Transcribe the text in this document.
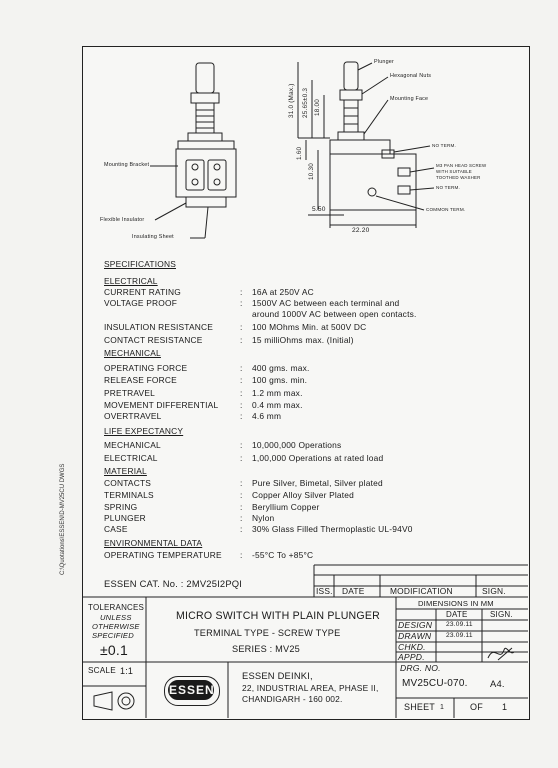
C:\Quotations\ESSEN\D-MV25CU DWGS
Plunger
Hexagonal Nuts
Mounting Face
Mounting Bracket
Flexible Insulator
Insulating Sheet
NO TERM.
M3 PAN HEAD SCREW
WITH SUITABLE
TOOTHED WASHER
NO TERM.
COMMON TERM.
31.0 (Max.) 25.65±0.3 18.00
1.60
10.30
5.50
22.20
SPECIFICATIONS
ELECTRICAL
CURRENT RATING	: 16A at 250V AC
VOLTAGE PROOF	: 1500V AC between each terminal and
around 1000V AC between open contacts.
INSULATION RESISTANCE	: 100 MOhms Min. at 500V DC
CONTACT RESISTANCE	: 15 milliOhms max. (Initial)
MECHANICAL
OPERATING FORCE	: 400 gms. max.
RELEASE FORCE	: 100 gms. min.
PRETRAVEL	: 1.2 mm max.
MOVEMENT DIFFERENTIAL	: 0.4 mm max.
OVERTRAVEL	: 4.6 mm
LIFE EXPECTANCY
MECHANICAL	: 10,000,000 Operations
ELECTRICAL	: 1,00,000 Operations at rated load
MATERIAL
CONTACTS	: Pure Silver, Bimetal, Silver plated
TERMINALS	: Copper Alloy Silver Plated
SPRING	: Beryllium Copper
PLUNGER	: Nylon
CASE	: 30% Glass Filled Thermoplastic UL-94V0
ENVIRONMENTAL DATA
OPERATING TEMPERATURE : -55°C To +85°C
ESSEN CAT. No. : 2MV25I2PQI
ISS. DATE	MODIFICATION	SIGN.
TOLERANCES
UNLESS
OTHERWISE
SPECIFIED
±0.1
MICRO SWITCH WITH PLAIN PLUNGER
TERMINAL TYPE - SCREW TYPE
SERIES : MV25
DIMENSIONS IN MM
DATE	SIGN.
DESIGN 23.09.11
DRAWN 23.09.11
CHKD.
APPD.
SCALE 1:1
ESSEN
ESSEN DEINKI,
22, INDUSTRIAL AREA, PHASE II,
CHANDIGARH - 160 002.
DRG. NO.
MV25CU-070. A4.
SHEET 1	OF 1
